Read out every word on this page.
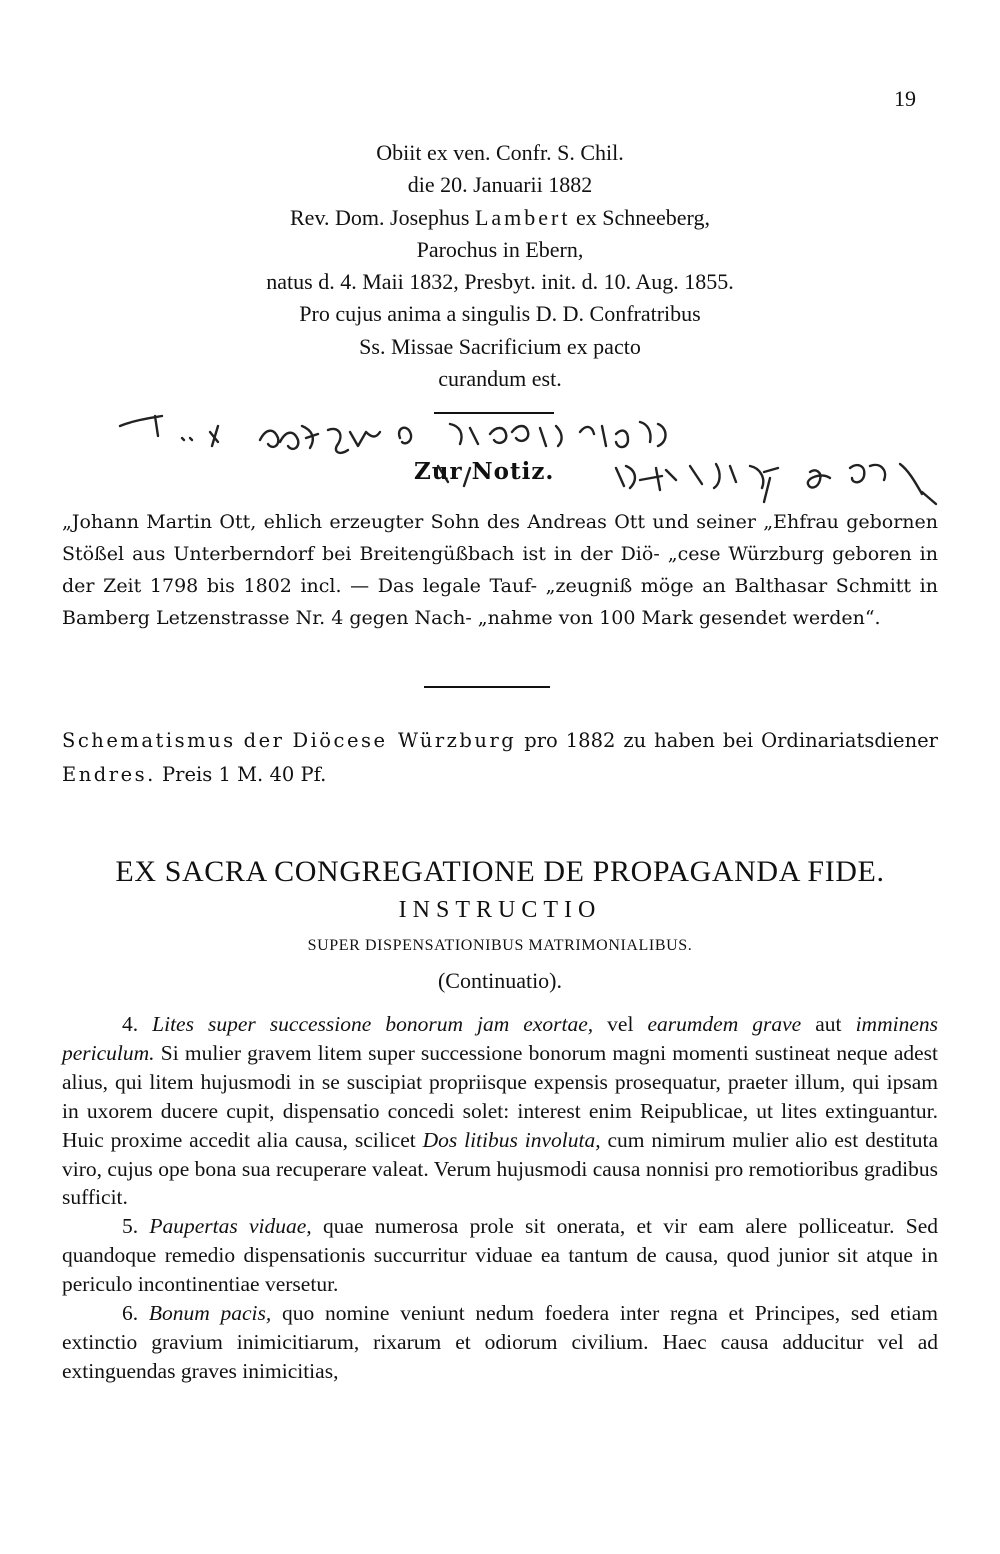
19
Obiit ex ven. Confr. S. Chil.
die 20. Januarii 1882
Rev. Dom. Josephus Lambert ex Schneeberg,
Parochus in Ebern,
natus d. 4. Maii 1832, Presbyt. init. d. 10. Aug. 1855.
Pro cujus anima a singulis D. D. Confratribus
Ss. Missae Sacrificium ex pacto
curandum est.
Zur Notiz.
„Johann Martin Ott, ehlich erzeugter Sohn des Andreas Ott und seiner „Ehfrau gebornen Stößel aus Unterberndorf bei Breitengüßbach ist in der Diö- „cese Würzburg geboren in der Zeit 1798 bis 1802 incl. — Das legale Tauf- „zeugniß möge an Balthasar Schmitt in Bamberg Letzenstrasse Nr. 4 gegen Nach- „nahme von 100 Mark gesendet werden“.
Schematismus der Diöcese Würzburg pro 1882 zu haben bei Ordinariatsdiener Endres. Preis 1 M. 40 Pf.
EX SACRA CONGREGATIONE DE PROPAGANDA FIDE.
INSTRUCTIO
SUPER DISPENSATIONIBUS MATRIMONIALIBUS.
(Continuatio).

4. Lites super successione bonorum jam exortae, vel earumdem grave aut imminens periculum. Si mulier gravem litem super successione bonorum magni momenti sustineat neque adest alius, qui litem hujusmodi in se suscipiat propriisque expensis prosequatur, praeter illum, qui ipsam in uxorem ducere cupit, dispensatio concedi solet: interest enim Reipublicae, ut lites extinguantur. Huic proxime accedit alia causa, scilicet Dos litibus involuta, cum nimirum mulier alio est destituta viro, cujus ope bona sua recuperare valeat. Verum hujusmodi causa nonnisi pro remotioribus gradibus sufficit.

5. Paupertas viduae, quae numerosa prole sit onerata, et vir eam alere polliceatur. Sed quandoque remedio dispensationis succurritur viduae ea tantum de causa, quod junior sit atque in periculo incontinentiae versetur.

6. Bonum pacis, quo nomine veniunt nedum foedera inter regna et Principes, sed etiam extinctio gravium inimicitiarum, rixarum et odiorum civilium. Haec causa adducitur vel ad extinguendas graves inimicitias,
